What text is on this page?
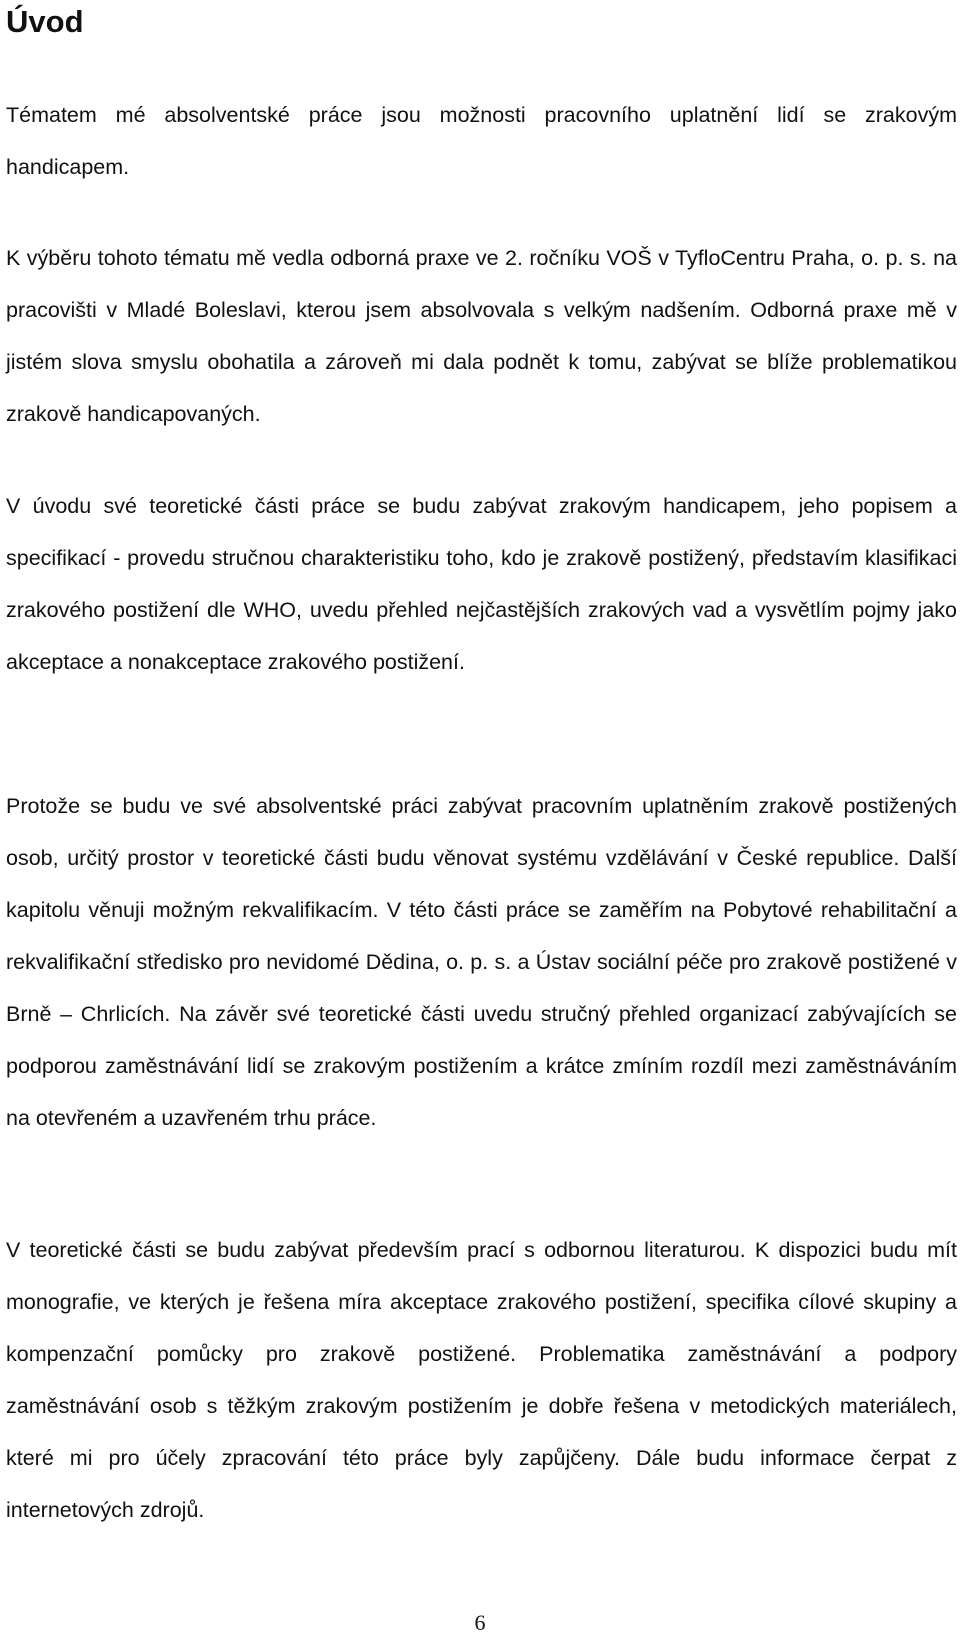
Úvod

Tématem mé absolventské práce jsou možnosti pracovního uplatnění lidí se zrakovým handicapem.

K výběru tohoto tématu mě vedla odborná praxe ve 2. ročníku VOŠ v TyfloCentru Praha, o. p. s. na pracovišti v Mladé Boleslavi, kterou jsem absolvovala s velkým nadšením. Odborná praxe mě v jistém slova smyslu obohatila a zároveň mi dala podnět k tomu, zabývat se blíže problematikou zrakově handicapovaných.

V úvodu své teoretické části práce se budu zabývat zrakovým handicapem, jeho popisem a specifikací - provedu stručnou charakteristiku toho, kdo je zrakově postižený, představím klasifikaci zrakového postižení dle WHO, uvedu přehled nejčastějších zrakových vad a vysvětlím pojmy jako akceptace a nonakceptace zrakového postižení.

Protože se budu ve své absolventské práci zabývat pracovním uplatněním zrakově postižených osob, určitý prostor v teoretické části budu věnovat systému vzdělávání v České republice. Další kapitolu věnuji možným rekvalifikacím. V této části práce se zaměřím na Pobytové rehabilitační a rekvalifikační středisko pro nevidomé Dědina, o. p. s. a Ústav sociální péče pro zrakově postižené v Brně – Chrlicích. Na závěr své teoretické části uvedu stručný přehled organizací zabývajících se podporou zaměstnávání lidí se zrakovým postižením a krátce zmíním rozdíl mezi zaměstnáváním na otevřeném a uzavřeném trhu práce.

V teoretické části se budu zabývat především prací s odbornou literaturou. K dispozici budu mít monografie, ve kterých je řešena míra akceptace zrakového postižení, specifika cílové skupiny a kompenzační pomůcky pro zrakově postižené. Problematika zaměstnávání a podpory zaměstnávání osob s těžkým zrakovým postižením je dobře řešena v metodických materiálech, které mi pro účely zpracování této práce byly zapůjčeny. Dále budu informace čerpat z internetových zdrojů.

6
